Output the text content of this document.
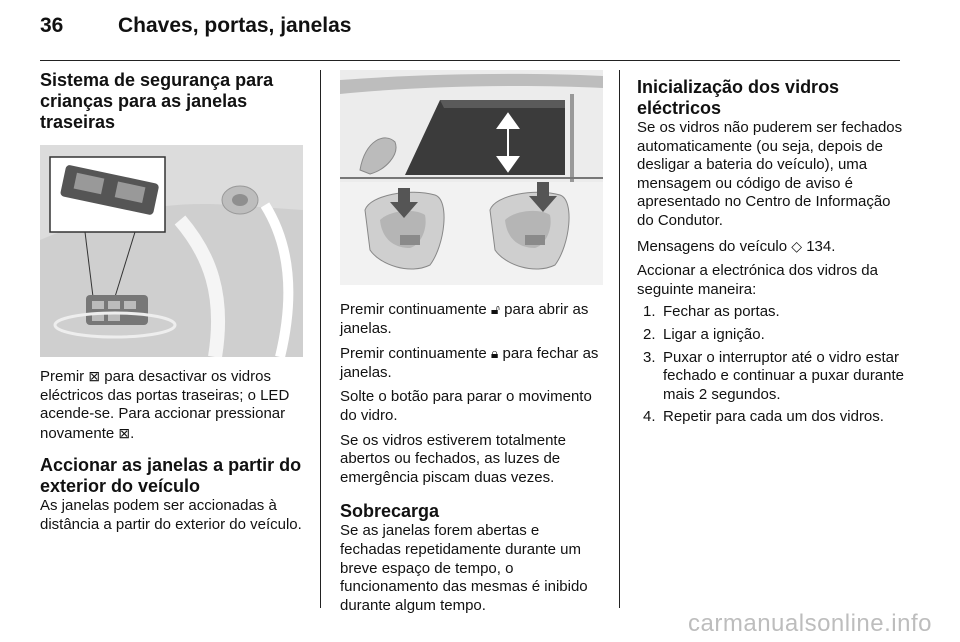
36	Chaves, portas, janelas
Sistema de segurança para crianças para as janelas traseiras

Premir ⊠ para desactivar os vidros eléctricos das portas traseiras; o LED acende-se. Para accionar pressionar novamente ⊠.

Accionar as janelas a partir do exterior do veículo

As janelas podem ser accionadas à distância a partir do exterior do veículo.

Premir continuamente 🔓︎ para abrir as janelas.

Premir continuamente 🔒︎ para fechar as janelas.

Solte o botão para parar o movimento do vidro.

Se os vidros estiverem totalmente abertos ou fechados, as luzes de emergência piscam duas vezes.

Sobrecarga

Se as janelas forem abertas e fechadas repetidamente durante um breve espaço de tempo, o funcionamento das mesmas é inibido durante algum tempo.

Inicialização dos vidros eléctricos

Se os vidros não puderem ser fechados automaticamente (ou seja, depois de desligar a bateria do veículo), uma mensagem ou código de aviso é apresentado no Centro de Informação do Condutor.

Mensagens do veículo ◇ 134.

Accionar a electrónica dos vidros da seguinte maneira:

1. Fechar as portas.
2. Ligar a ignição.
3. Puxar o interruptor até o vidro estar fechado e continuar a puxar durante mais 2 segundos.
4. Repetir para cada um dos vidros.
carmanualsonline.info
